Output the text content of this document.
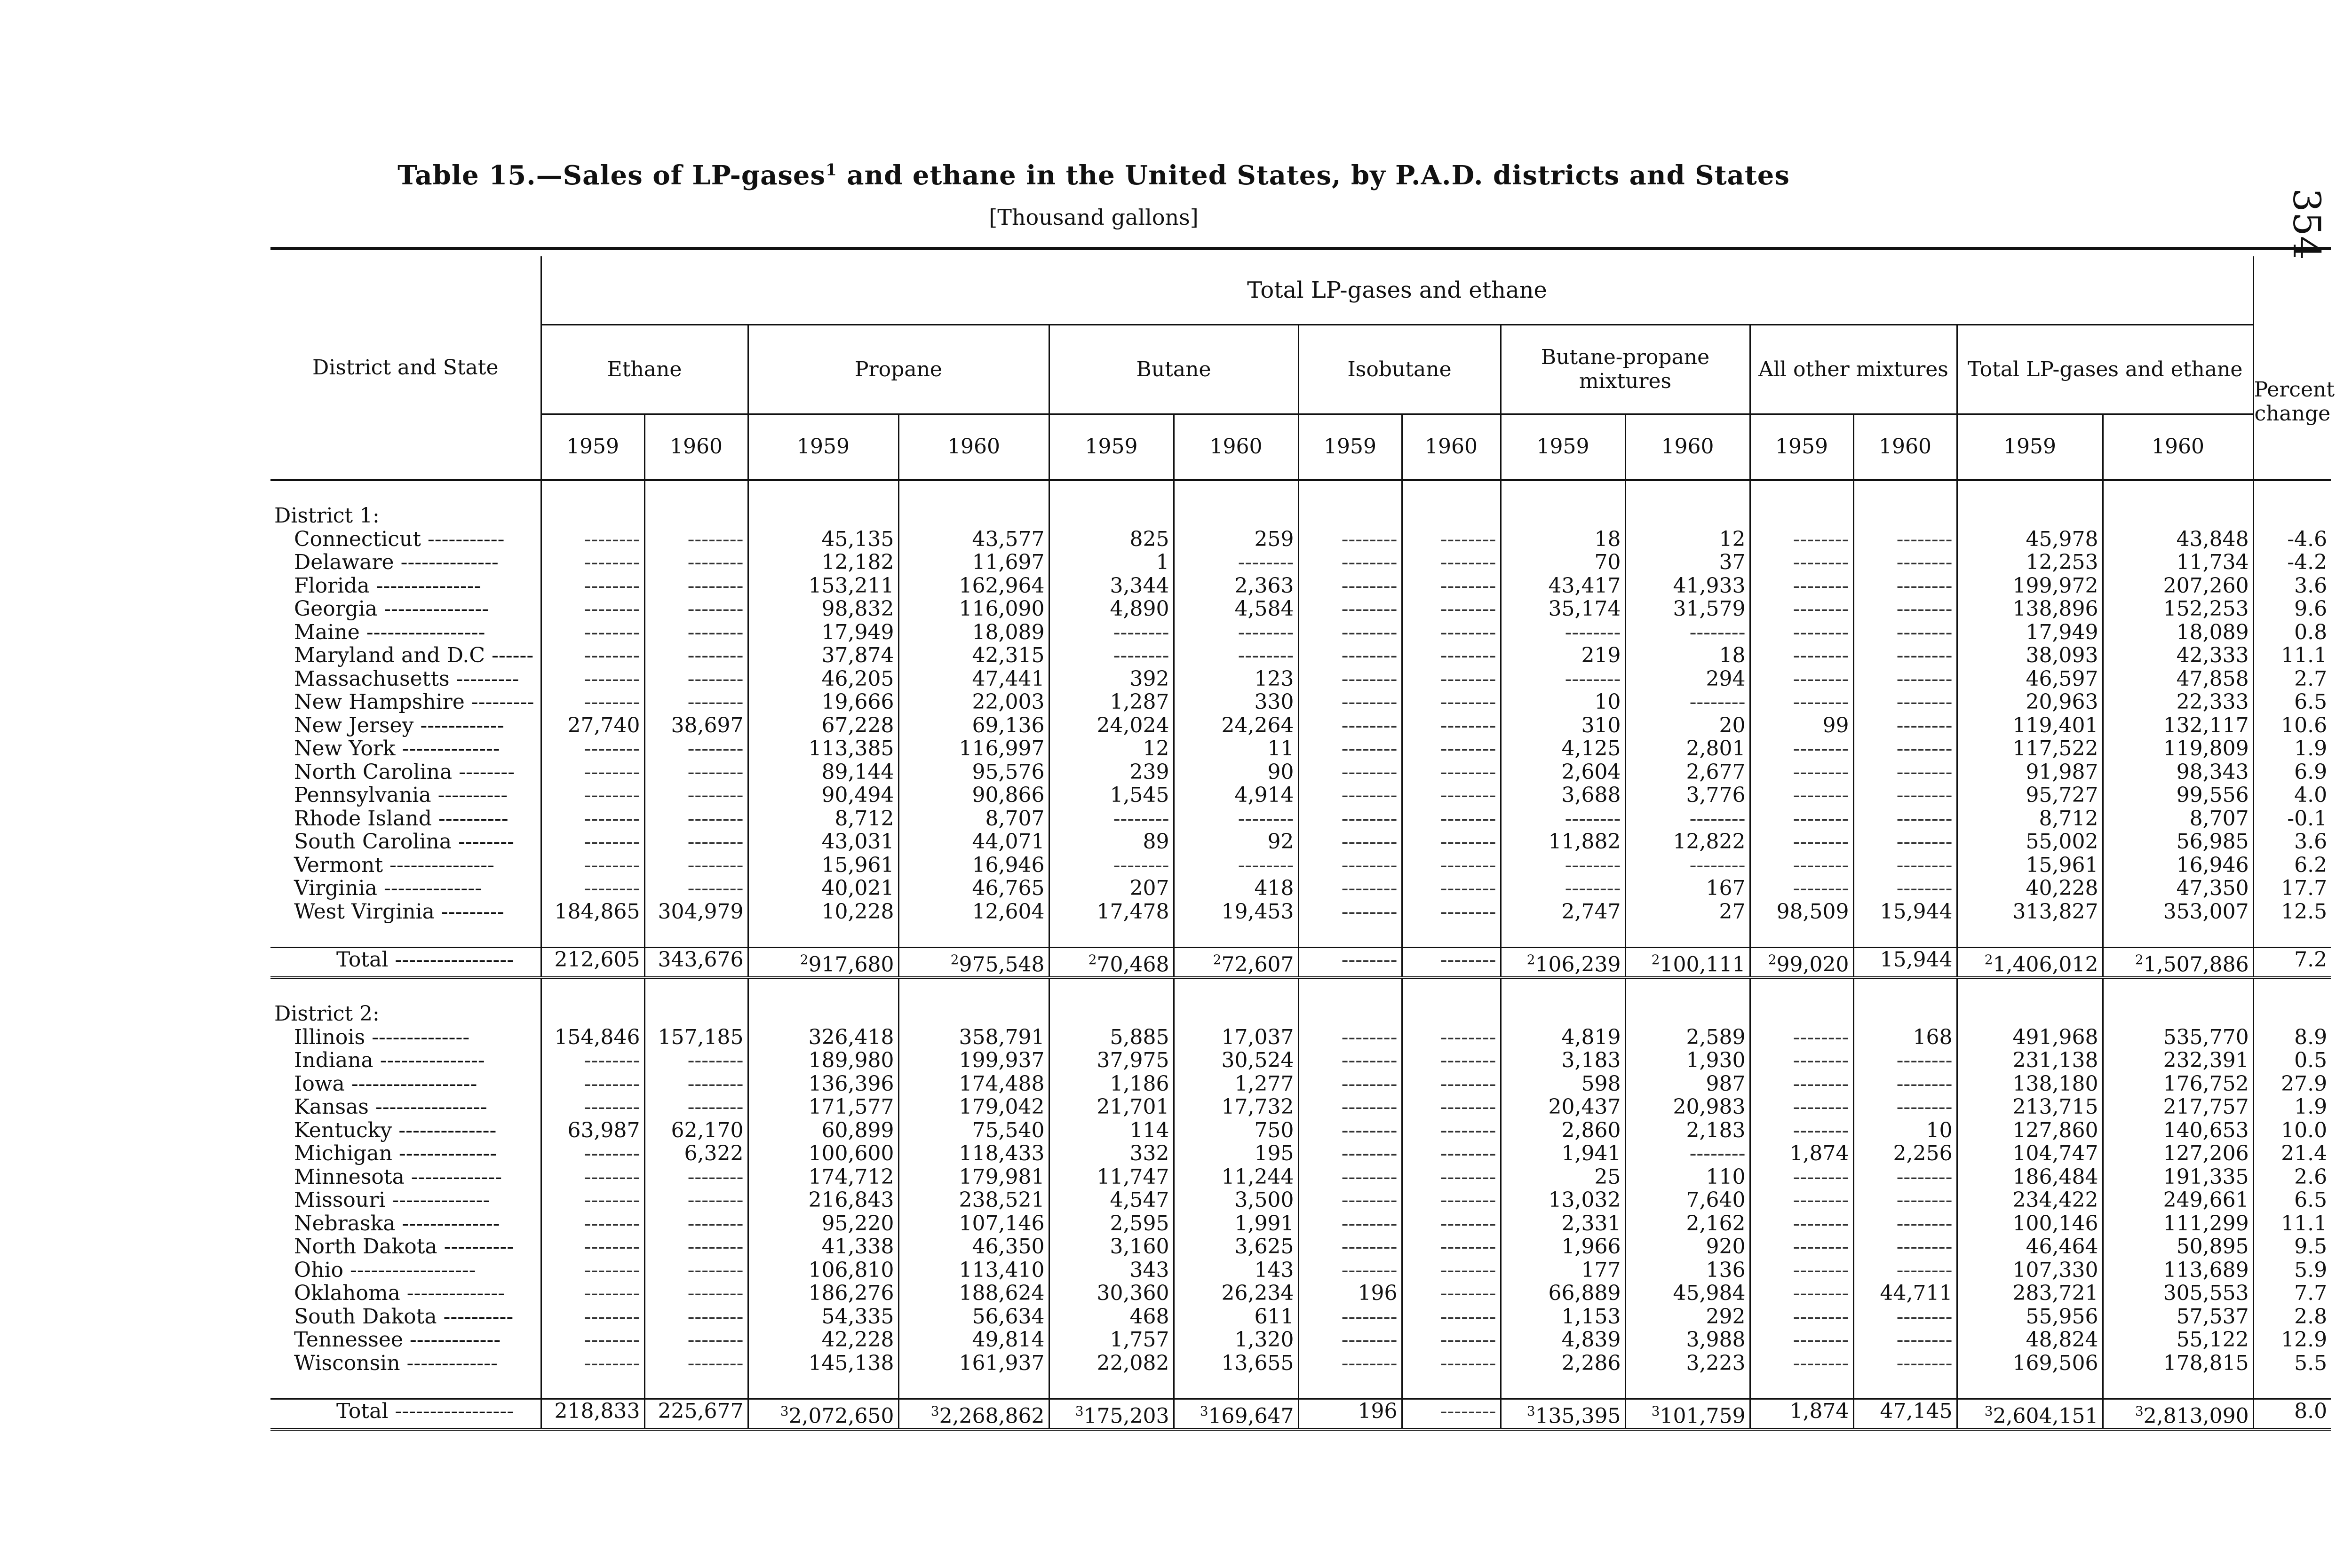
Table 15.—Sales of LP-gases$^1$ and ethane in the United States, by P.A.D. districts and States
[Thousand gallons]	354
District and State	Total LP-gases and ethane														
	Ethane		Propane		Butane		Isobutane		Butane-propane mixtures		All other mixtures		Total LP-gases and ethane		Percent change
	1959	1960	1959	1960	1959	1960	1959	1960	1959	1960	1959	1960	1959	1960	

District 1:															
Connecticut -----------	--------	--------	45,135	43,577	825	259	--------	--------	18	12	--------	--------	45,978	43,848	-4.6
Delaware --------------	--------	--------	12,182	11,697	1	--------	--------	--------	70	37	--------	--------	12,253	11,734	-4.2
Florida ---------------	--------	--------	153,211	162,964	3,344	2,363	--------	--------	43,417	41,933	--------	--------	199,972	207,260	3.6
Georgia ---------------	--------	--------	98,832	116,090	4,890	4,584	--------	--------	35,174	31,579	--------	--------	138,896	152,253	9.6
Maine -----------------	--------	--------	17,949	18,089	--------	--------	--------	--------	--------	--------	--------	--------	17,949	18,089	0.8
Maryland and D.C ------	--------	--------	37,874	42,315	--------	--------	--------	--------	219	18	--------	--------	38,093	42,333	11.1
Massachusetts ---------	--------	--------	46,205	47,441	392	123	--------	--------	--------	294	--------	--------	46,597	47,858	2.7
New Hampshire ---------	--------	--------	19,666	22,003	1,287	330	--------	--------	10	--------	--------	--------	20,963	22,333	6.5
New Jersey ------------	27,740	38,697	67,228	69,136	24,024	24,264	--------	--------	310	20	99	--------	119,401	132,117	10.6
New York --------------	--------	--------	113,385	116,997	12	11	--------	--------	4,125	2,801	--------	--------	117,522	119,809	1.9
North Carolina --------	--------	--------	89,144	95,576	239	90	--------	--------	2,604	2,677	--------	--------	91,987	98,343	6.9
Pennsylvania ----------	--------	--------	90,494	90,866	1,545	4,914	--------	--------	3,688	3,776	--------	--------	95,727	99,556	4.0
Rhode Island ----------	--------	--------	8,712	8,707	--------	--------	--------	--------	--------	--------	--------	--------	8,712	8,707	-0.1
South Carolina --------	--------	--------	43,031	44,071	89	92	--------	--------	11,882	12,822	--------	--------	55,002	56,985	3.6
Vermont ---------------	--------	--------	15,961	16,946	--------	--------	--------	--------	--------	--------	--------	--------	15,961	16,946	6.2
Virginia --------------	--------	--------	40,021	46,765	207	418	--------	--------	--------	167	--------	--------	40,228	47,350	17.7
West Virginia ---------	184,865	304,979	10,228	12,604	17,478	19,453	--------	--------	2,747	27	98,509	15,944	313,827	353,007	12.5

Total -----------------	212,605	343,676	$^2$917,680	$^2$975,548	$^2$70,468	$^2$72,607	--------	--------	$^2$106,239	$^2$100,111	$^2$99,020	15,944	$^2$1,406,012	$^2$1,507,886	7.2

District 2:															
Illinois --------------	154,846	157,185	326,418	358,791	5,885	17,037	--------	--------	4,819	2,589	--------	168	491,968	535,770	8.9
Indiana ---------------	--------	--------	189,980	199,937	37,975	30,524	--------	--------	3,183	1,930	--------	--------	231,138	232,391	0.5
Iowa ------------------	--------	--------	136,396	174,488	1,186	1,277	--------	--------	598	987	--------	--------	138,180	176,752	27.9
Kansas ----------------	--------	--------	171,577	179,042	21,701	17,732	--------	--------	20,437	20,983	--------	--------	213,715	217,757	1.9
Kentucky --------------	63,987	62,170	60,899	75,540	114	750	--------	--------	2,860	2,183	--------	10	127,860	140,653	10.0
Michigan --------------	--------	6,322	100,600	118,433	332	195	--------	--------	1,941	--------	1,874	2,256	104,747	127,206	21.4
Minnesota -------------	--------	--------	174,712	179,981	11,747	11,244	--------	--------	25	110	--------	--------	186,484	191,335	2.6
Missouri --------------	--------	--------	216,843	238,521	4,547	3,500	--------	--------	13,032	7,640	--------	--------	234,422	249,661	6.5
Nebraska --------------	--------	--------	95,220	107,146	2,595	1,991	--------	--------	2,331	2,162	--------	--------	100,146	111,299	11.1
North Dakota ----------	--------	--------	41,338	46,350	3,160	3,625	--------	--------	1,966	920	--------	--------	46,464	50,895	9.5
Ohio ------------------	--------	--------	106,810	113,410	343	143	--------	--------	177	136	--------	--------	107,330	113,689	5.9
Oklahoma --------------	--------	--------	186,276	188,624	30,360	26,234	196	--------	66,889	45,984	--------	44,711	283,721	305,553	7.7
South Dakota ----------	--------	--------	54,335	56,634	468	611	--------	--------	1,153	292	--------	--------	55,956	57,537	2.8
Tennessee -------------	--------	--------	42,228	49,814	1,757	1,320	--------	--------	4,839	3,988	--------	--------	48,824	55,122	12.9
Wisconsin -------------	--------	--------	145,138	161,937	22,082	13,655	--------	--------	2,286	3,223	--------	--------	169,506	178,815	5.5

Total -----------------	218,833	225,677	$^3$2,072,650	$^3$2,268,862	$^3$175,203	$^3$169,647	196	--------	$^3$135,395	$^3$101,759	1,874	47,145	$^3$2,604,151	$^3$2,813,090	8.0
